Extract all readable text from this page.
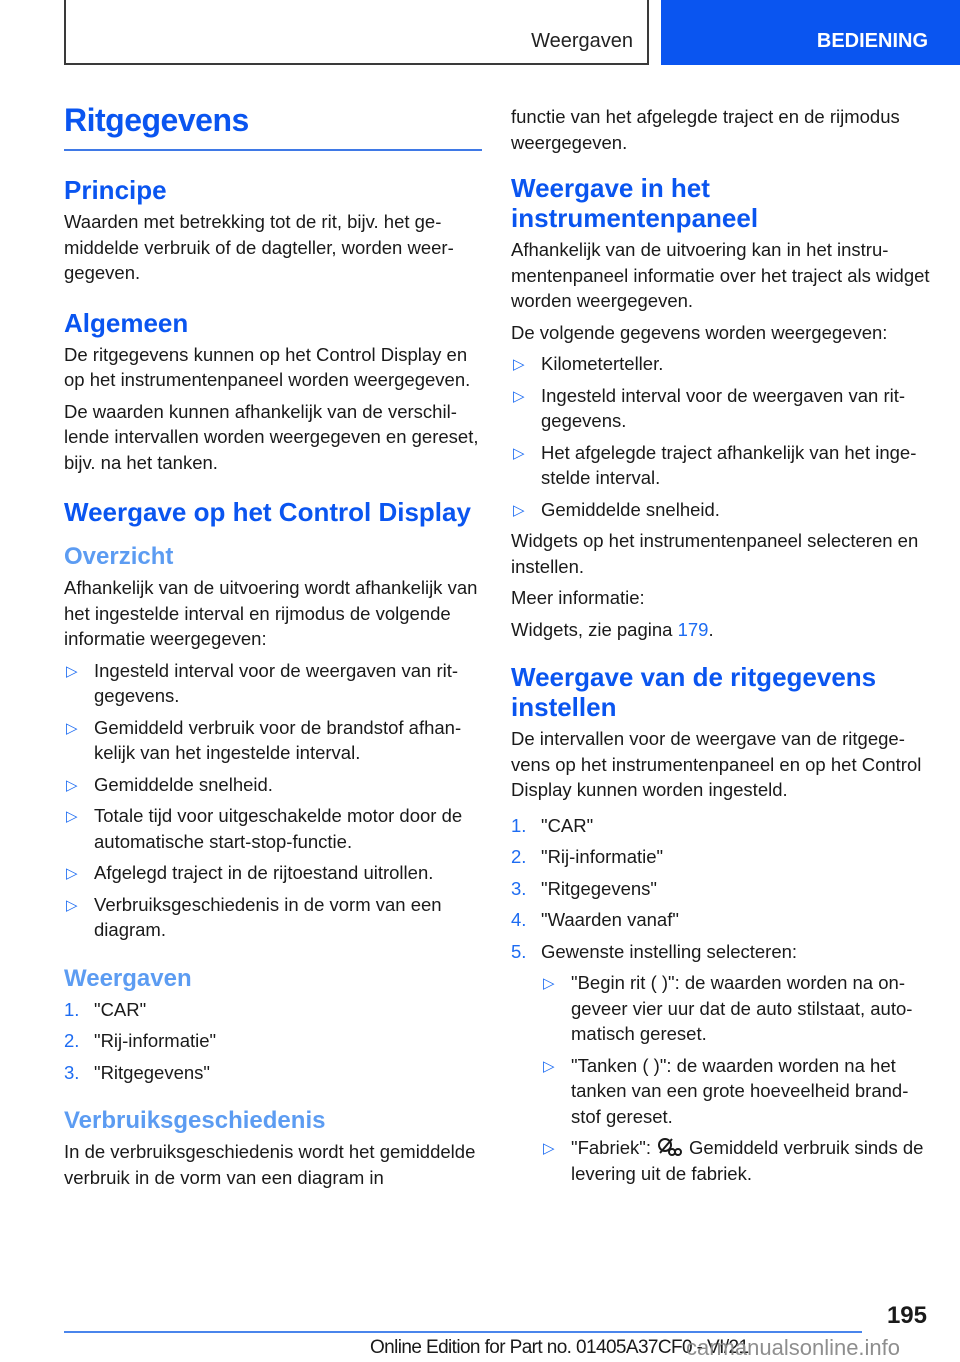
Weergaven	BEDIENING
Ritgegevens
Principe

Waarden met betrekking tot de rit, bijv. het gemiddelde verbruik of de dagteller, worden weergegeven.

Algemeen

De ritgegevens kunnen op het Control Display en op het instrumentenpaneel worden weergegeven.

De waarden kunnen afhankelijk van de verschillende intervallen worden weergegeven en gereset, bijv. na het tanken.

Weergave op het Control Display
Overzicht

Afhankelijk van de uitvoering wordt afhankelijk van het ingestelde interval en rijmodus de volgende informatie weergegeven:

▷ Ingesteld interval voor de weergaven van ritgegevens.
▷ Gemiddeld verbruik voor de brandstof afhankelijk van het ingestelde interval.
▷ Gemiddelde snelheid.
▷ Totale tijd voor uitgeschakelde motor door de automatische start-stop-functie.
▷ Afgelegd traject in de rijtoestand uitrollen.
▷ Verbruiksgeschiedenis in de vorm van een diagram.
Weergaven
1. "CAR"
2. "Rij-informatie"
3. "Ritgegevens"
Verbruiksgeschiedenis

In de verbruiksgeschiedenis wordt het gemiddelde verbruik in de vorm van een diagram in

functie van het afgelegde traject en de rijmodus weergegeven.

Weergave in het instrumentenpaneel

Afhankelijk van de uitvoering kan in het instrumentenpaneel informatie over het traject als widget worden weergegeven.

De volgende gegevens worden weergegeven:

▷ Kilometerteller.
▷ Ingesteld interval voor de weergaven van ritgegevens.
▷ Het afgelegde traject afhankelijk van het ingestelde interval.
▷ Gemiddelde snelheid.

Widgets op het instrumentenpaneel selecteren en instellen.

Meer informatie:

Widgets, zie pagina 179.

Weergave van de ritgegevens instellen

De intervallen voor de weergave van de ritgegevens op het instrumentenpaneel en op het Control Display kunnen worden ingesteld.

1. "CAR"
2. "Rij-informatie"
3. "Ritgegevens"
4. "Waarden vanaf"
5. Gewenste instelling selecteren:
▷ "Begin rit ( )": de waarden worden na ongeveer vier uur dat de auto stilstaat, automatisch gereset.
▷ "Tanken ( )": de waarden worden na het tanken van een grote hoeveelheid brandstof gereset.
▷ "Fabriek": Gemiddeld verbruik sinds de levering uit de fabriek.
195
Online Edition for Part no. 01405A37CF0 - VI/21
carmanualsonline.info
